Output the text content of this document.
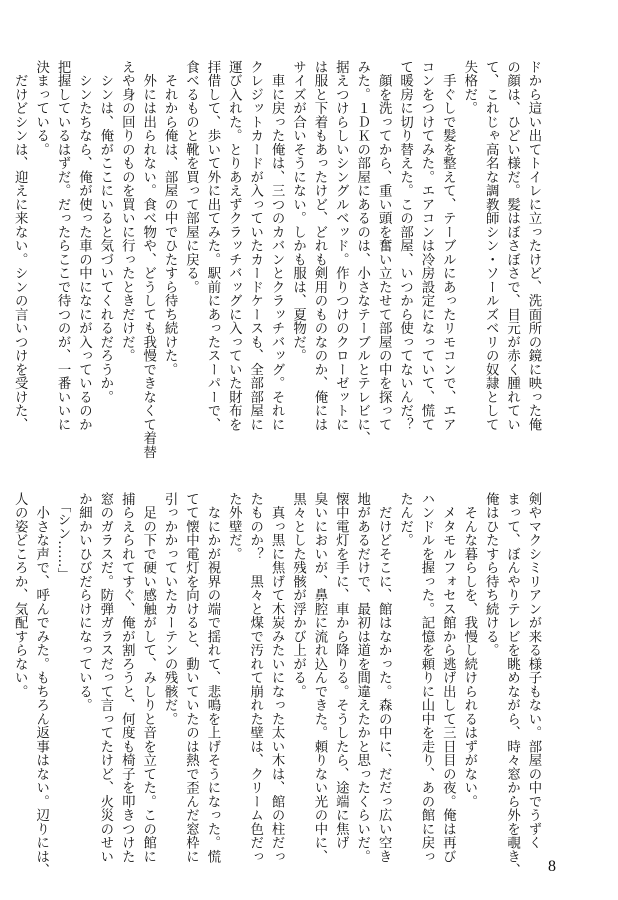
ドから這い出てトイレに立ったけど、洗面所の鏡に映った俺

の顔は、ひどい様だ。髪はぼさぼさで、目元が赤く腫れてい

て、これじゃ高名な調教師シン・ソールズベリの奴隷として

失格だ。

　手ぐしで髪を整えて、テーブルにあったリモコンで、エア

コンをつけてみた。エアコンは冷房設定になっていて、慌て

て暖房に切り替えた。この部屋、いつから使ってないんだ？

　顔を洗ってから、重い頭を奮い立たせて部屋の中を探って

みた。１ＤＫの部屋にあるのは、小さなテーブルとテレビに、

据えつけらしいシングルベッド。作りつけのクローゼットに

は服と下着もあったけど、どれも剣用のものなのか、俺には

サイズが合いそうにない。しかも服は、夏物だ。

　車に戻った俺は、三つのカバンとクラッチバッグ。それに

クレジットカードが入っていたカードケースも、全部部屋に

運び入れた。とりあえずクラッチバッグに入っていた財布を

拝借して、歩いて外に出てみた。駅前にあったスーパーで、

食べるものと靴を買って部屋に戻る。

　それから俺は、部屋の中でひたすら待ち続けた。

　外には出られない。食べ物や、どうしても我慢できなくて着替

えや身の回りのものを買いに行ったときだけだ。

　シンは、俺がここにいると気づいてくれるだろうか。

　シンたちなら、俺が使った車の中になにが入っているのか

把握しているはずだ。だったらここで待つのが、一番いいに

決まっている。

　だけどシンは、迎えに来ない。シンの言いつけを受けた、

剣やマクシミリアンが来る様子もない。部屋の中でうずく

まって、ぼんやりテレビを眺めながら、時々窓から外を覗き、

俺はひたすら待ち続ける。

　そんな暮らしを、我慢し続けられるはずがない。

　メタモルフォセス館から逃げ出して三日目の夜。俺は再び

ハンドルを握った。記憶を頼りに山中を走り、あの館に戻っ

たんだ。

　だけどそこに、館はなかった。森の中に、だだっ広い空き

地があるだけで、最初は道を間違えたかと思ったくらいだ。

懐中電灯を手に、車から降りる。そうしたら、途端に焦げ

臭いにおいが、鼻腔に流れ込んできた。頼りない光の中に、

黒々とした残骸が浮かび上がる。

　真っ黒に焦げて木炭みたいになった太い木は、館の柱だっ

たものか？　黒々と煤で汚れて崩れた壁は、クリーム色だっ

た外壁だ。

　なにかが視界の端で揺れて、悲鳴を上げそうになった。慌

てて懐中電灯を向けると、動いていたのは熱で歪んだ窓枠に

引っかかっていたカーテンの残骸だ。

　足の下で硬い感触がして、みしりと音を立てた。この館に

捕らえられてすぐ、俺が割ろうと、何度も椅子を叩きつけた

窓のガラスだ。防弾ガラスだって言ってたけど、火災のせい

か細かいひびだらけになっている。

　「シン……」

　小さな声で、呼んでみた。もちろん返事はない。辺りには、

人の姿どころか、気配すらない。

8
